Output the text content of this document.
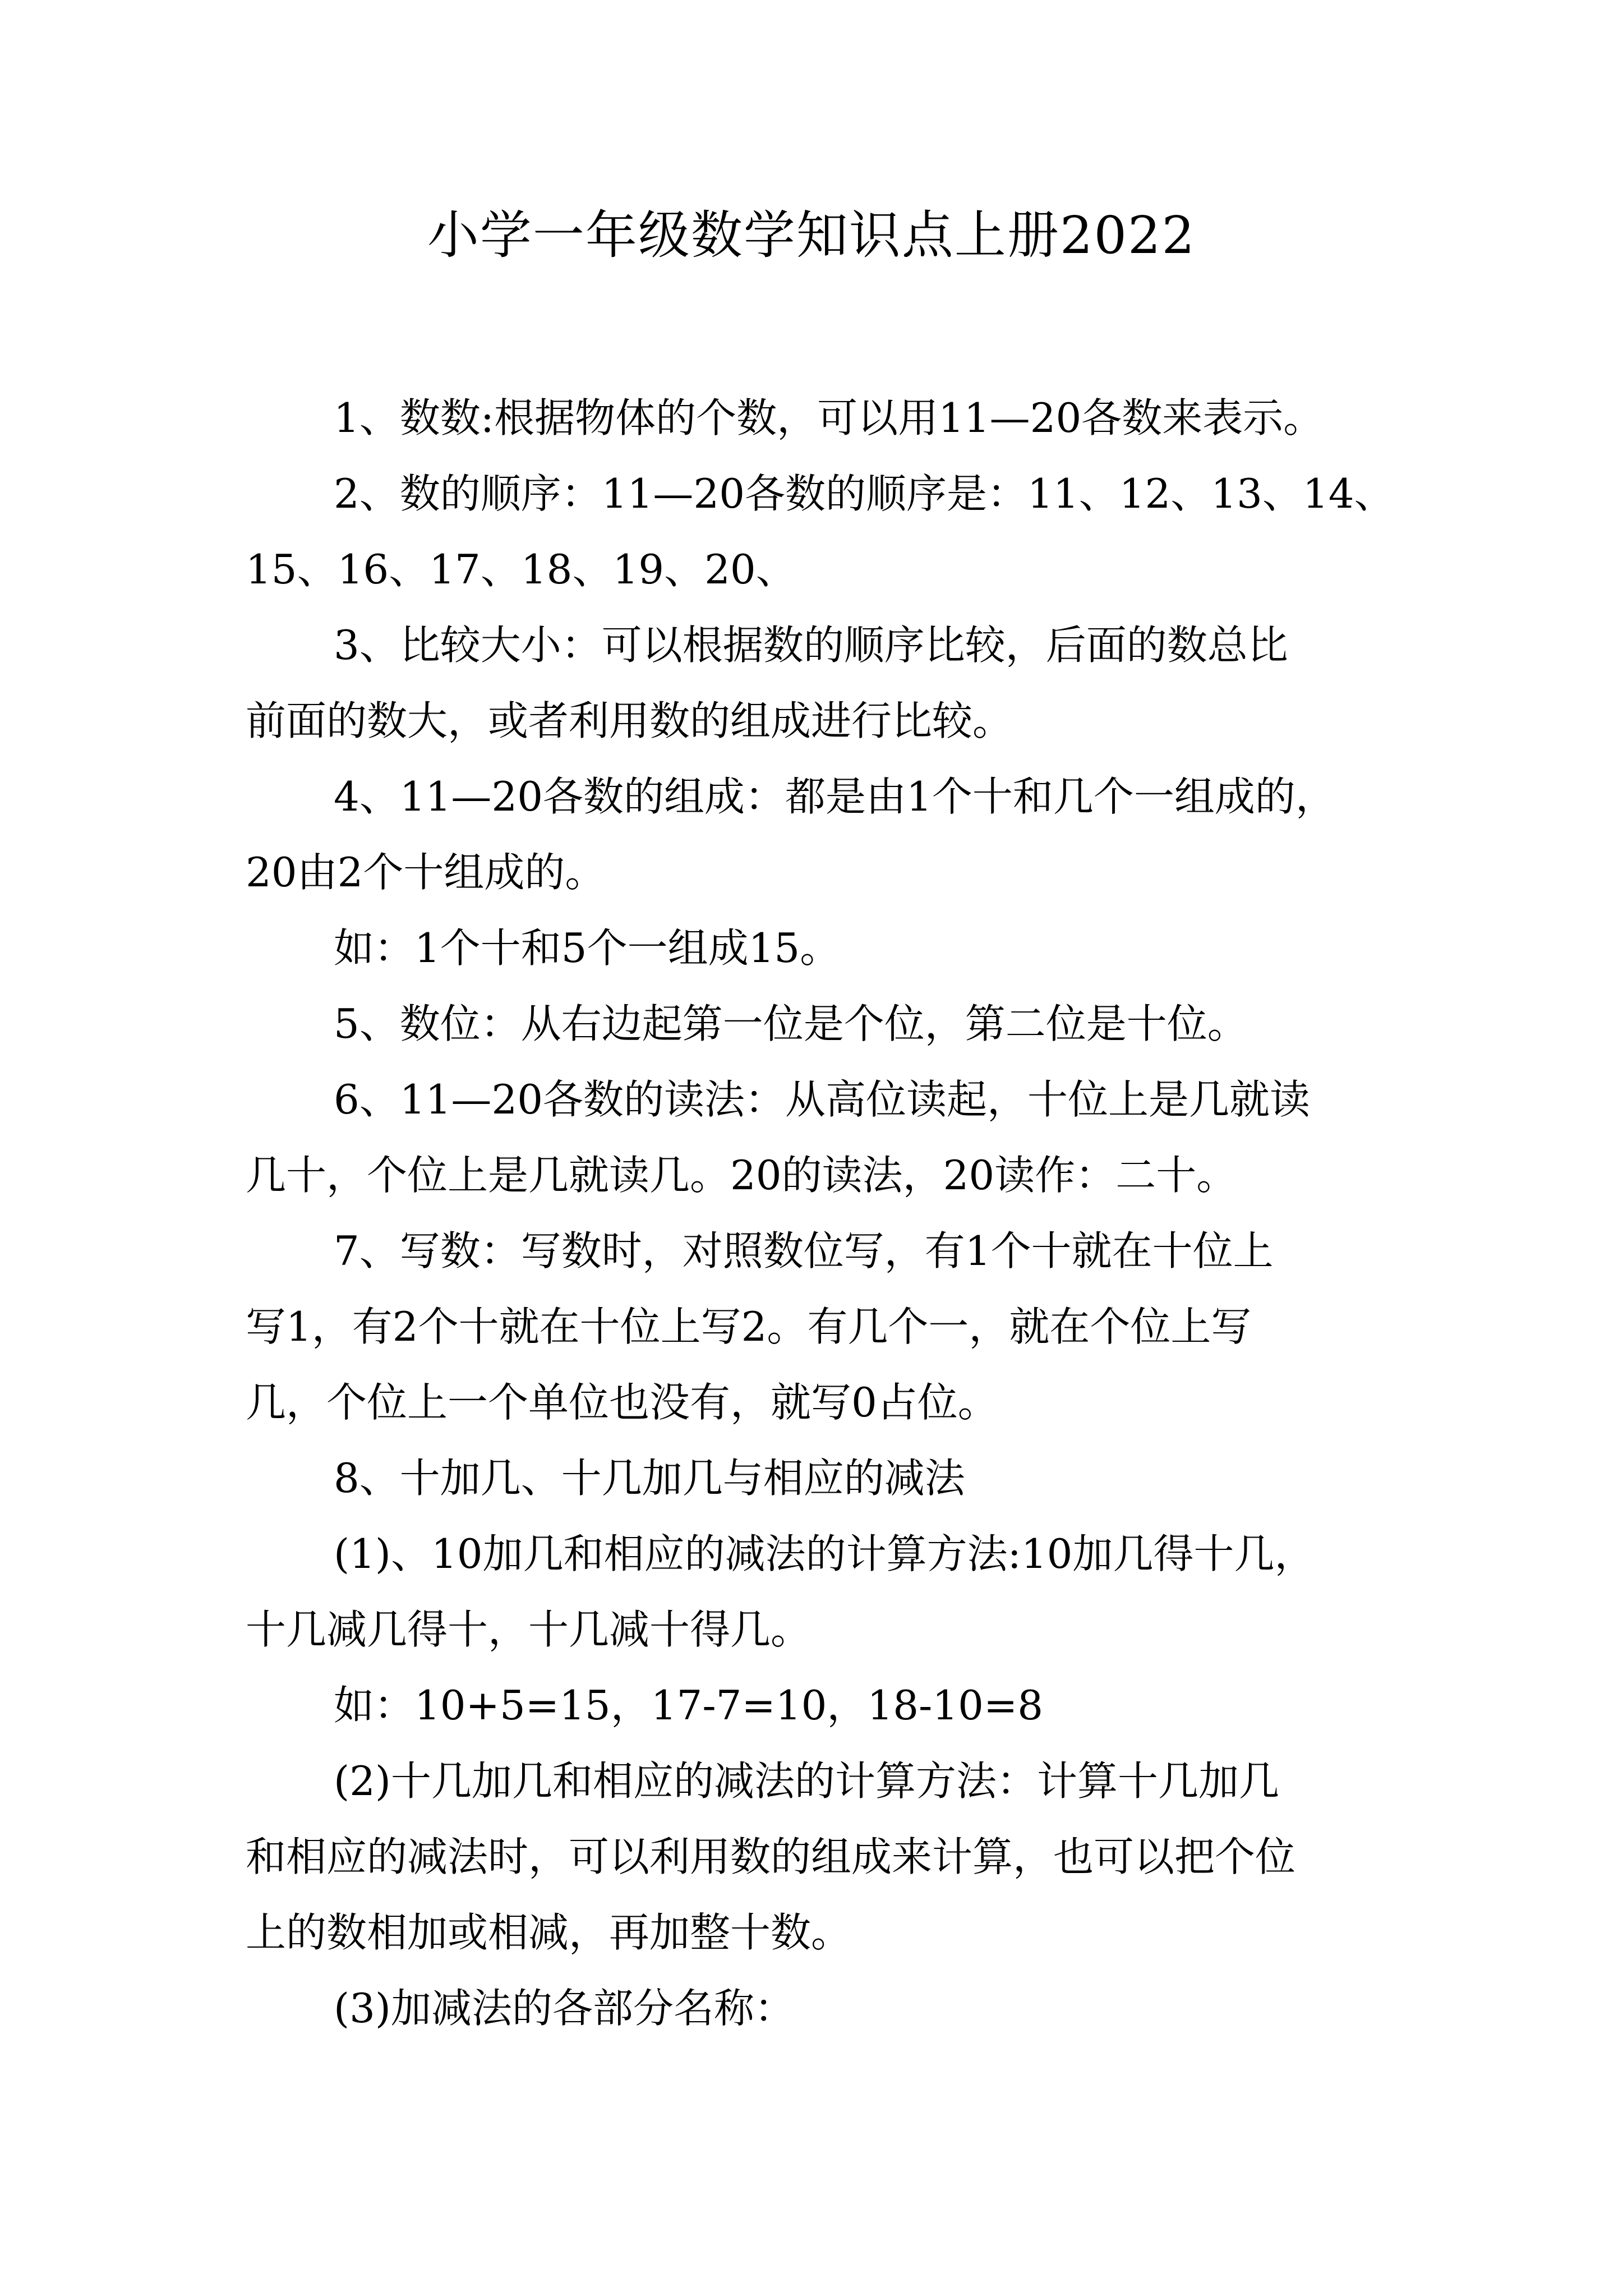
小学一年级数学知识点上册2022
1、数数:根据物体的个数，可以用11—20各数来表示。
2、数的顺序：11—20各数的顺序是：11、12、13、14、
15、16、17、18、19、20、
3、比较大小：可以根据数的顺序比较，后面的数总比
前面的数大，或者利用数的组成进行比较。
4、11—20各数的组成：都是由1个十和几个一组成的，
20由2个十组成的。
如：1个十和5个一组成15。
5、数位：从右边起第一位是个位，第二位是十位。
6、11—20各数的读法：从高位读起，十位上是几就读
几十，个位上是几就读几。20的读法，20读作：二十。
7、写数：写数时，对照数位写，有1个十就在十位上
写1，有2个十就在十位上写2。有几个一，就在个位上写
几，个位上一个单位也没有，就写0占位。
8、十加几、十几加几与相应的减法
(1)、10加几和相应的减法的计算方法:10加几得十几，
十几减几得十，十几减十得几。
如：10+5=15，17-7=10，18-10=8
(2)十几加几和相应的减法的计算方法：计算十几加几
和相应的减法时，可以利用数的组成来计算，也可以把个位
上的数相加或相减，再加整十数。
(3)加减法的各部分名称：
